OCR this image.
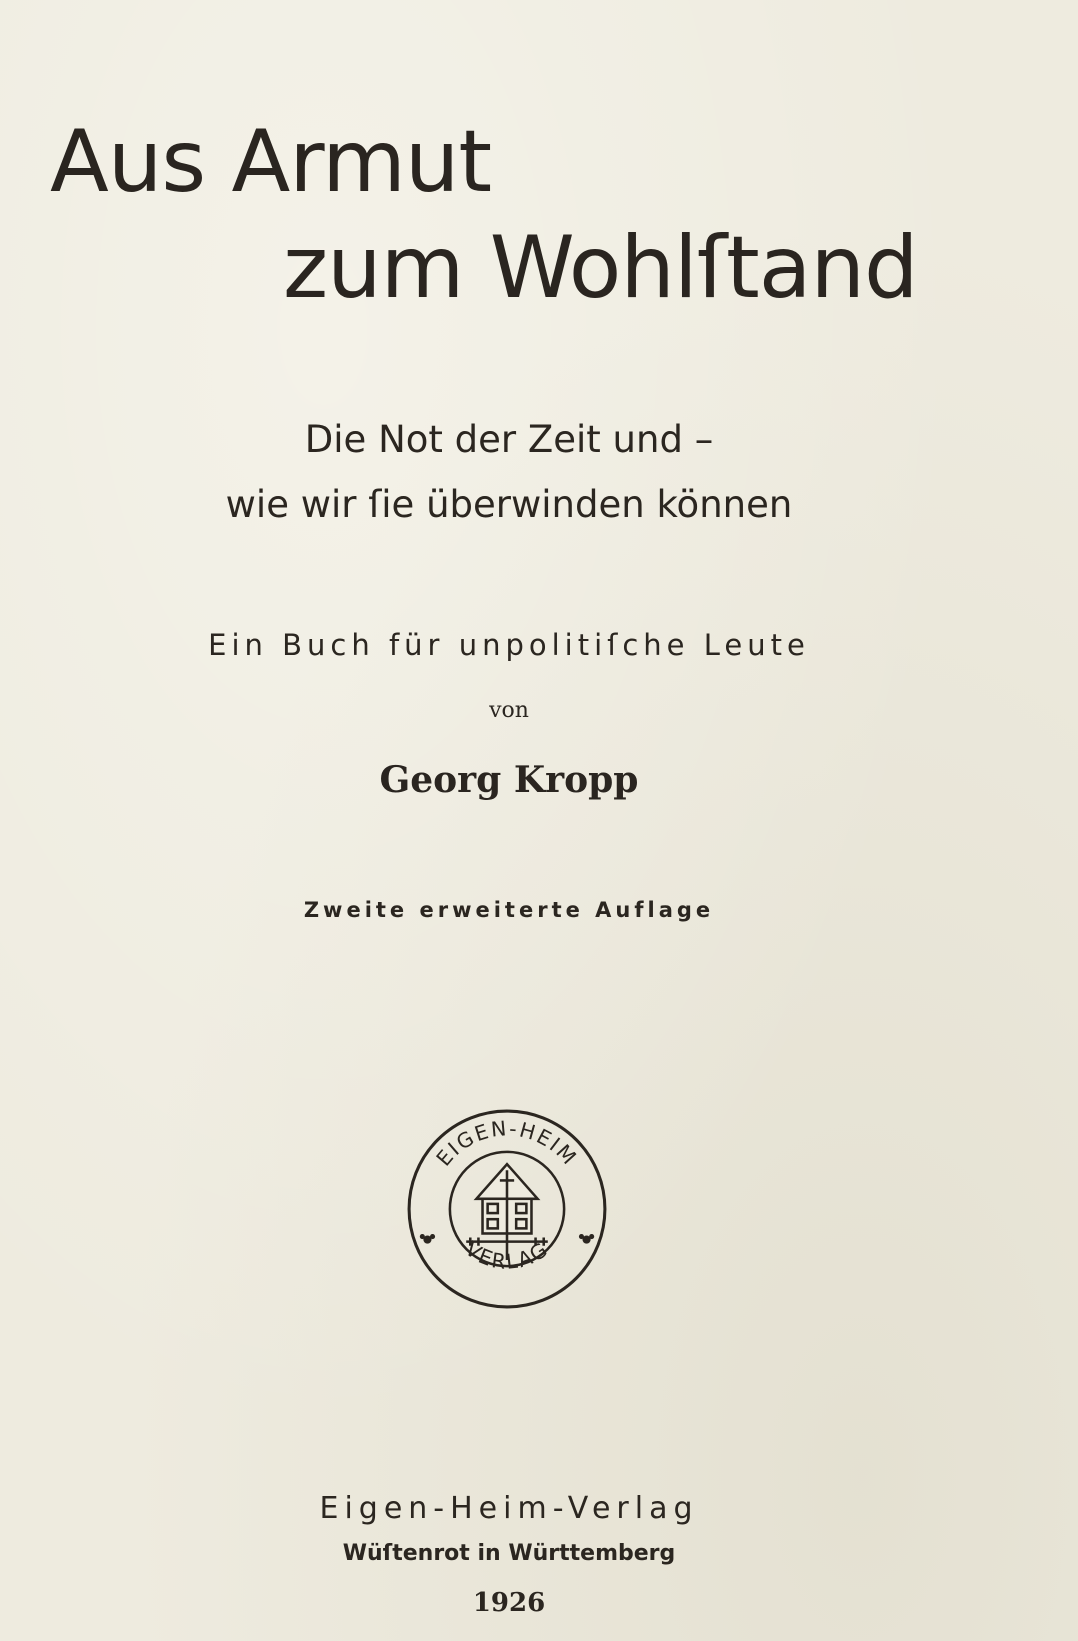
Aus Armut
zum Wohlſtand

Die Not der Zeit und –

wie wir ſie überwinden können

Ein Buch für unpolitiſche Leute

von

Georg Kropp

Zweite erweiterte Auflage

EIGEN-HEIM
VERLAG

Eigen-Heim-Verlag

Wüſtenrot in Württemberg

1926
